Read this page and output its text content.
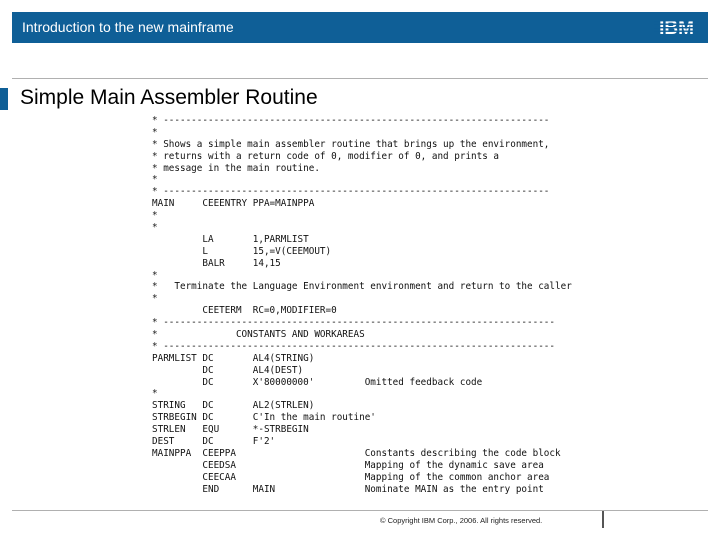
Introduction to the new mainframe
Simple Main Assembler Routine
* ---------------------------------------------------------------------
*
* Shows a simple main assembler routine that brings up the environment,
* returns with a return code of 0, modifier of 0, and prints a
* message in the main routine.
*
* ---------------------------------------------------------------------
MAIN     CEEENTRY PPA=MAINPPA
*
*
LA       1,PARMLIST
L        15,=V(CEEMOUT)
BALR     14,15
*
*   Terminate the Language Environment environment and return to the caller
*
CEETERM  RC=0,MODIFIER=0
* ----------------------------------------------------------------------
*              CONSTANTS AND WORKAREAS
* ----------------------------------------------------------------------
PARMLIST DC       AL4(STRING)
DC       AL4(DEST)
DC       X'80000000'         Omitted feedback code
*
STRING   DC       AL2(STRLEN)
STRBEGIN DC       C'In the main routine'
STRLEN   EQU      *-STRBEGIN
DEST     DC       F'2'
MAINPPA  CEEPPA                       Constants describing the code block
CEEDSA                       Mapping of the dynamic save area
CEECAA                       Mapping of the common anchor area
END      MAIN                Nominate MAIN as the entry point
© Copyright IBM Corp., 2006. All rights reserved.
